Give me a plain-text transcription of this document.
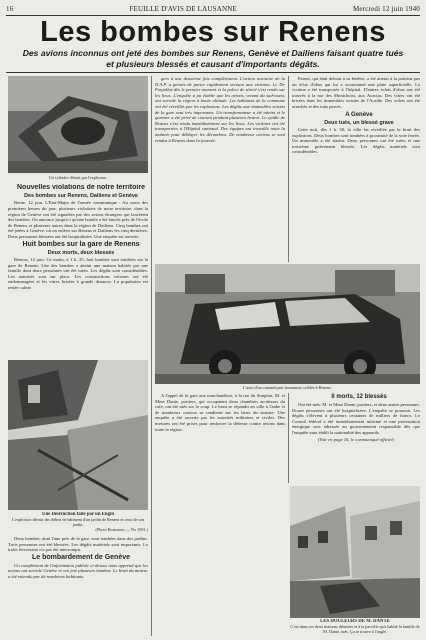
16	FEUILLE D'AVIS DE LAUSANNE	Mercredi 12 juin 1940
Les bombes sur Renens
Des avions inconnus ont jeté des bombes sur Renens, Genève et Dailiens faisant quatre tués et plusieurs blessés et causant d'importants dégâts.
Un cylindre détruit par l'explosion.

Nouvelles violations de notre territoire

Des bombes sur Renens, Dailiens et Genève

Berne, 12 juin. L'Etat-Major de l'armée communique : Au cours des premières heures du jour, plusieurs violations de notre territoire, dans la région de Genève ont été signalées par des avions étrangers qui lancèrent des bombes. On annonce jusqu'ici qu'une bombe a été lancée près de l'école de Renens et plusieurs autres dans la région de Dailiens. Cinq bombes ont été jetées à Genève, où on enlève sur Renens et Dailiens les cinq dernières. Deux personnes blessées ont été hospitalisées. Une enquête est ouverte.

Huit bombes sur la gare de Renens

Deux morts, deux blessés

Renens, 12 juin. Ce matin, à 1 h. 25, huit bombes sont tombées sur la gare de Renens. Une des bombes a atteint une maison habitée par une famille dont deux personnes ont été tuées. Les dégâts sont considérables. Les autorités sont sur place. Les constructions voisines ont été endommagées et les vitres brisées à grande distance. La population est restée calme.

Une Destruction faite par un Engin
L'explosion détruit des débris de bâtiment d'un jardin de Renens et ceux de son jardin.
(Photo Boissonas — No 1091.)

Deux bombes, dont l'une près de la gare, sont tombées dans des jardins. Trois personnes ont été blessées. Les dégâts matériels sont importants. Le trafic ferroviaire n'a pas été interrompu.

Le bombardement de Genève

Un complément de l'information publiée ci-dessus nous apprend que les avions ont survolé Genève et ont jeté plusieurs bombes. Le bruit du moteur a été entendu par de nombreux habitants.

gers à une deuxième fois complètement. L'action nocturne de la D.A.P. a permis de porter rapidement secours aux victimes. Le Dr. Fonjallaz dès le premier moment et la police de sûreté s'est rendu sur les lieux. L'enquête a pu établir que les avions, venant du sud-ouest, ont survolé la région à haute altitude. Les habitants de la commune ont été réveillés par les explosions. Les dégâts aux immeubles voisins de la gare sont très importants. Un transformateur a été atteint et le quartier a été privé de courant pendant plusieurs heures. Le syndic de Renens s'est rendu immédiatement sur les lieux. Les victimes ont été transportées à l'Hôpital cantonal. Des équipes ont travaillé toute la matinée pour déblayer les décombres. De nombreux curieux se sont rendus à Renens dans la journée.

Parent, qui était debout à sa fenêtre, a été atteint à la poitrine par un éclat d'obus qui lui a occasionné une plaie superficielle. La victime a été transportée à l'hôpital. D'autres éclats d'obus ont été trouvés à la rue des Montchoisi, aux Acacias. Des vitres ont été brisées dans les immeubles voisins de l'Acadie. Des volets ont été arrachés et des toits percés.

A Genève

Deux tués, un blessé grave

Cette nuit, dès 1 h. 30, la ville fut réveillée par le bruit des explosions. Deux bombes sont tombées à proximité de la voie ferrée. Un immeuble a été atteint. Deux personnes ont été tuées et une troisième grièvement blessée. Les dégâts matériels sont considérables.

L'auto d'un commerçant lausannois criblée à Renens.

A l'appel de la gare aux marchandises, à la rue du Simplon, M. et Mme Dante, portiers, qui occupaient deux chambres au-dessus du café, ont été tués sur le coup. Le bruit se répandit en ville à l'aube et de nombreux curieux se rendirent sur les lieux du sinistre. Une enquête a été ouverte par les autorités militaires et civiles. Des mesures ont été prises pour renforcer la défense contre avions dans toute la région.

Il morts, 12 blessés

Ont été tués: M. et Mme Dante, portiers, et deux autres personnes. Douze personnes ont été hospitalisées. L'enquête se poursuit. Les dégâts s'élèvent à plusieurs centaines de milliers de francs. Le Conseil fédéral a été immédiatement informé et une protestation énergique sera adressée au gouvernement responsable dès que l'enquête aura établi la nationalité des appareils.

(Voir en page 16, le communiqué officiel)

LES DOULEURS DE M. DANTE
C'est dans ces deux maisons détruites et à la parcelle qu'a habité la famille de M. Dante, tués. Ça se trouve à l'angle.
